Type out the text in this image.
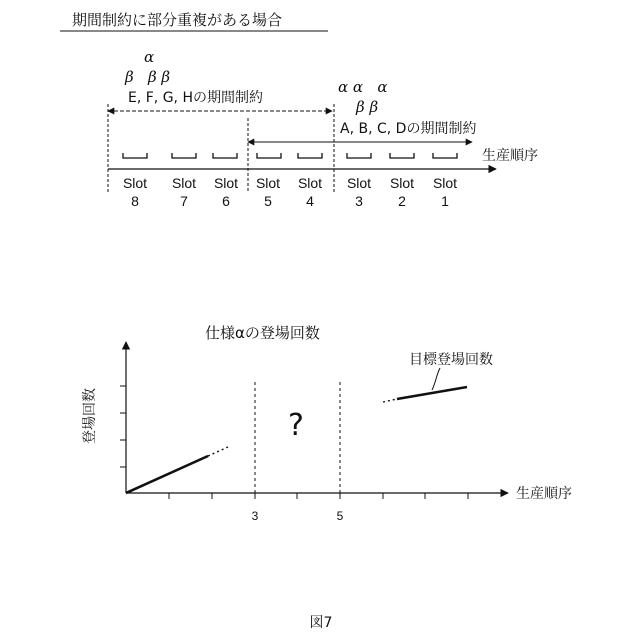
期間制約に部分重複がある場合
α
β   β β
E, F, G, Hの期間制約
α α   α
β β
A, B, C, Dの期間制約
生産順序
Slot
8
Slot
7
Slot
6
Slot
5
Slot
4
Slot
3
Slot
2
Slot
1
仕様αの登場回数
3	5
生産順序
登場回数
目標登場回数
?
図7
